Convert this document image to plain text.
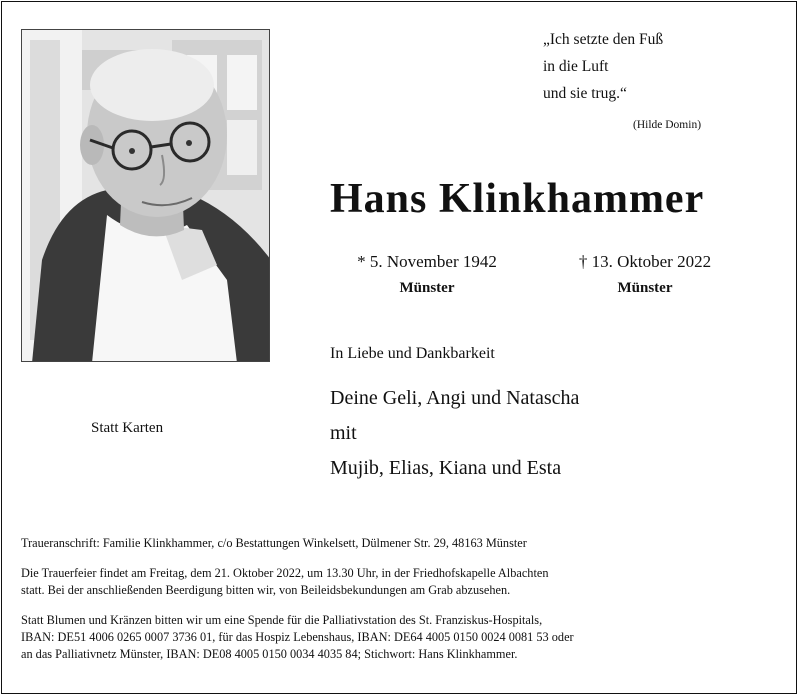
„Ich setzte den Fuß
in die Luft
und sie trug.“
(Hilde Domin)
Hans Klinkhammer
* 5. November 1942
Münster
† 13. Oktober 2022
Münster
In Liebe und Dankbarkeit
Deine Geli, Angi und Natascha
mit
Mujib, Elias, Kiana und Esta
Statt Karten
Traueranschrift: Familie Klinkhammer, c/o Bestattungen Winkelsett, Dülmener Str. 29, 48163 Münster
Die Trauerfeier findet am Freitag, dem 21. Oktober 2022, um 13.30 Uhr, in der Friedhofskapelle Albachten
statt. Bei der anschließenden Beerdigung bitten wir, von Beileidsbekundungen am Grab abzusehen.
Statt Blumen und Kränzen bitten wir um eine Spende für die Palliativstation des St. Franziskus-Hospitals,
IBAN: DE51 4006 0265 0007 3736 01, für das Hospiz Lebenshaus, IBAN: DE64 4005 0150 0024 0081 53 oder
an das Palliativnetz Münster, IBAN: DE08 4005 0150 0034 4035 84; Stichwort: Hans Klinkhammer.
